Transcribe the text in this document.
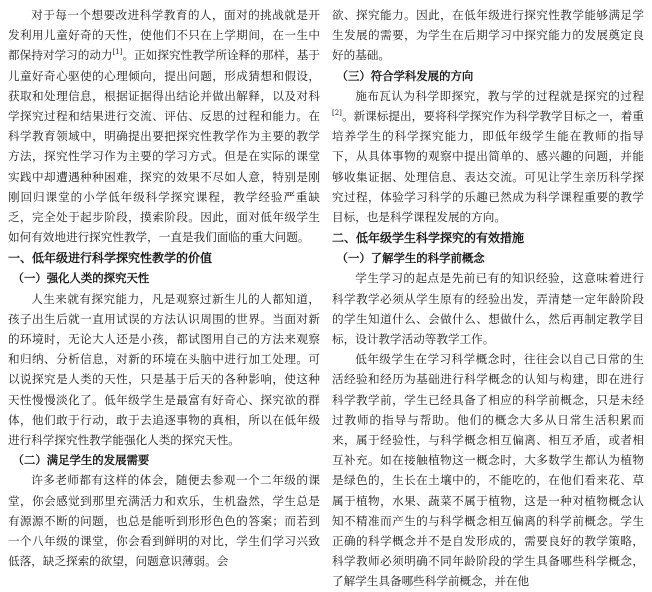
对于每一个想要改进科学教育的人，面对的挑战就是开发利用儿童好奇的天性，使他们不只在上学期间，在一生中都保持对学习的动力[1]。正如探究性教学所诠释的那样，基于儿童好奇心驱使的心理倾向，提出问题，形成猜想和假设，获取和处理信息，根据证据得出结论并做出解释，以及对科学探究过程和结果进行交流、评估、反思的过程和能力。在科学教育领域中，明确提出要把探究性教学作为主要的教学方法，探究性学习作为主要的学习方式。但是在实际的课堂实践中却遭遇种种困难，探究的效果不尽如人意，特别是刚刚回归课堂的小学低年级科学探究课程，教学经验严重缺乏，完全处于起步阶段，摸索阶段。因此，面对低年级学生如何有效地进行探究性教学，一直是我们面临的重大问题。

一、低年级进行科学探究性教学的价值
（一）强化人类的探究天性

人生来就有探究能力，凡是观察过新生儿的人都知道，孩子出生后就一直用试误的方法认识周围的世界。当面对新的环境时，无论大人还是小孩，都试图用自己的方法来观察和归纳、分析信息，对新的环境在头脑中进行加工处理。可以说探究是人类的天性，只是基于后天的各种影响，使这种天性慢慢淡化了。低年级学生是最富有好奇心、探究欲的群体，他们敢于行动，敢于去追逐事物的真相，所以在低年级进行科学探究性教学能强化人类的探究天性。

（二）满足学生的发展需要

许多老师都有这样的体会，随便去参观一个二年级的课堂，你会感觉到那里充满活力和欢乐，生机盎然，学生总是有源源不断的问题，也总是能听到形形色色的答案；而若到一个八年级的课堂，你会看到鲜明的对比，学生们学习兴致低落，缺乏探索的欲望，问题意识薄弱。会

欲、探究能力。因此，在低年级进行探究性教学能够满足学生发展的需要，为学生在后期学习中探究能力的发展奠定良好的基础。

（三）符合学科发展的方向

施布瓦认为科学即探究，教与学的过程就是探究的过程[2]。新课标提出，要将科学探究作为科学教学目标之一，着重培养学生的科学探究能力，即低年级学生能在教师的指导下，从具体事物的观察中提出简单的、感兴趣的问题，并能够收集证据、处理信息、表达交流。可见让学生亲历科学探究过程，体验学习科学的乐趣已然成为科学课程重要的教学目标，也是科学课程发展的方向。

二、低年级学生科学探究的有效措施
（一）了解学生的科学前概念

学生学习的起点是先前已有的知识经验，这意味着进行科学教学必须从学生原有的经验出发，弄清楚一定年龄阶段的学生知道什么、会做什么、想做什么，然后再制定教学目标，设计教学活动等教学工作。

低年级学生在学习科学概念时，往往会以自己日常的生活经验和经历为基础进行科学概念的认知与构建，即在进行科学教学前，学生已经具备了相应的科学前概念，只是未经过教师的指导与帮助。他们的概念大多从日常生活积累而来，属于经验性，与科学概念相互偏离、相互矛盾，或者相互补充。如在接触植物这一概念时，大多数学生都认为植物是绿色的，生长在土壤中的，不能吃的，在他们看来花、草属于植物，水果、蔬菜不属于植物，这是一种对植物概念认知不精准而产生的与科学概念相互偏离的科学前概念。学生正确的科学概念并不是自发形成的，需要良好的教学策略，科学教师必须明确不同年龄阶段的学生具备哪些科学概念，了解学生具备哪些科学前概念，并在他
